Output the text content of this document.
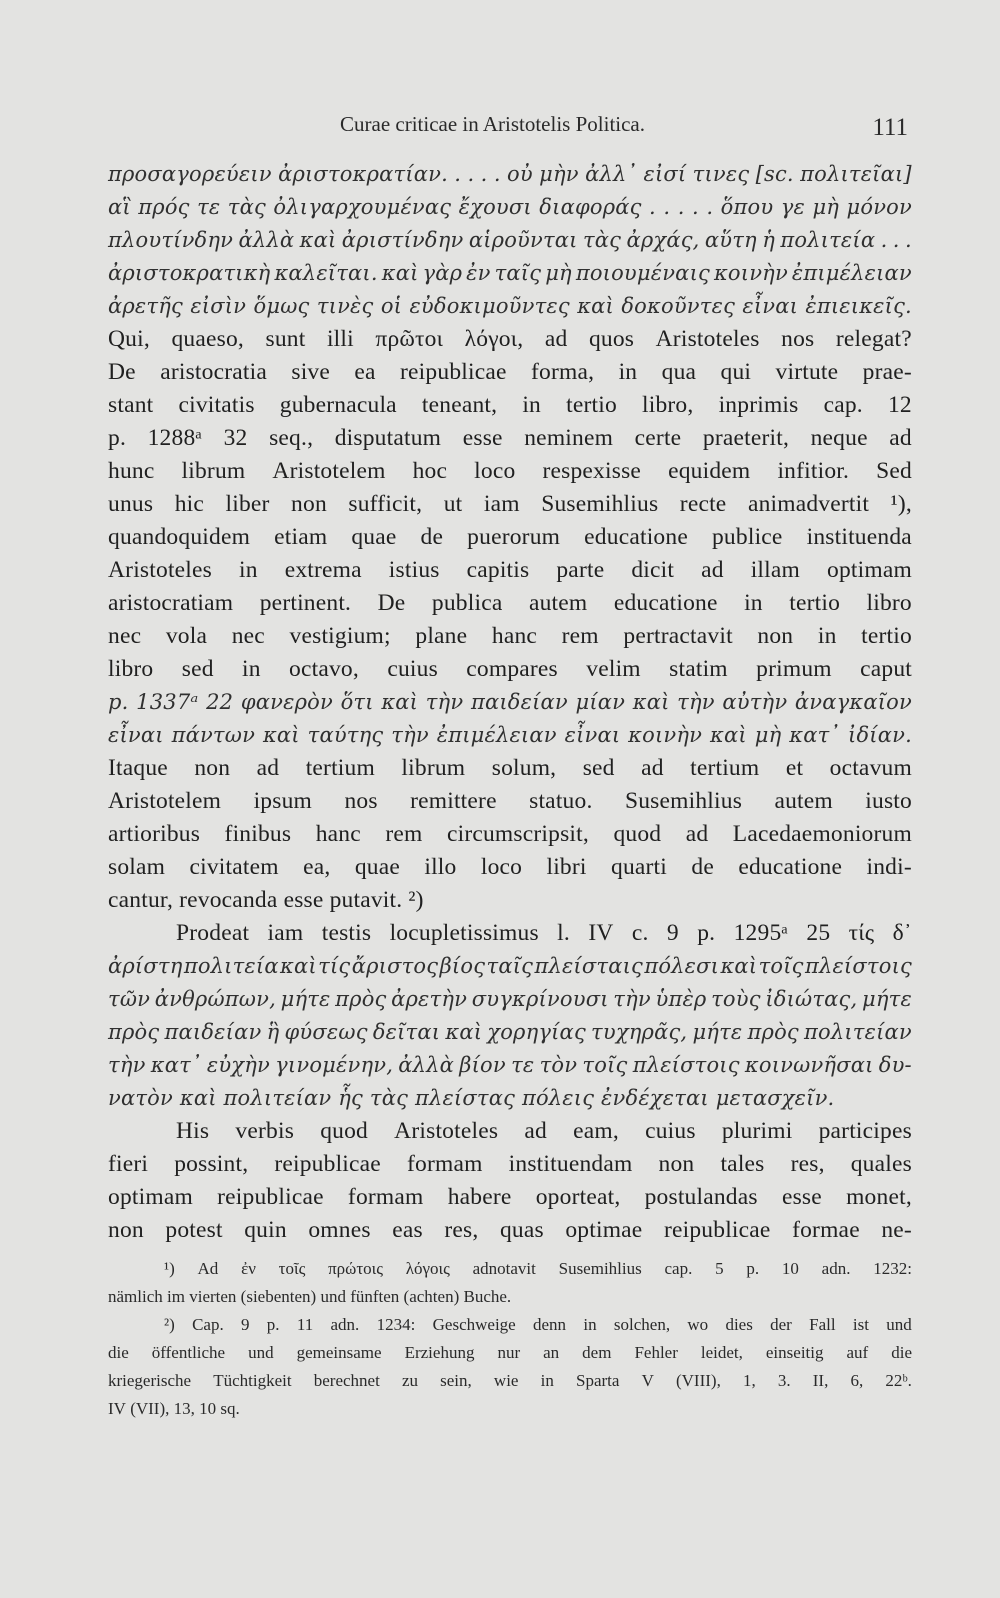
Curae criticae in Aristotelis Politica.	111
προσαγορεύειν ἀριστοκρατίαν. . . . . οὐ μὴν ἀλλ᾿ εἰσί τινες [sc. πολιτεῖαι]
αἳ πρός τε τὰς ὀλιγαρχουμένας ἔχουσι διαφοράς . . . . . ὅπου γε μὴ μόνον
πλουτίνδην ἀλλὰ καὶ ἀριστίνδην αἱροῦνται τὰς ἀρχάς, αὕτη ἡ πολιτεία . . .
ἀριστοκρατικὴ καλεῖται. καὶ γὰρ ἐν ταῖς μὴ ποιουμέναις κοινὴν ἐπιμέλειαν
ἀρετῆς εἰσὶν ὅμως τινὲς οἱ εὐδοκιμοῦντες καὶ δοκοῦντες εἶναι ἐπιεικεῖς.
Qui, quaeso, sunt illi πρῶτοι λόγοι, ad quos Aristoteles nos relegat?
De aristocratia sive ea reipublicae forma, in qua qui virtute prae-
stant civitatis gubernacula teneant, in tertio libro, inprimis cap. 12
p. 1288ᵃ 32 seq., disputatum esse neminem certe praeterit, neque ad
hunc librum Aristotelem hoc loco respexisse equidem infitior. Sed
unus hic liber non sufficit, ut iam Susemihlius recte animadvertit ¹),
quandoquidem etiam quae de puerorum educatione publice instituenda
Aristoteles in extrema istius capitis parte dicit ad illam optimam
aristocratiam pertinent. De publica autem educatione in tertio libro
nec vola nec vestigium; plane hanc rem pertractavit non in tertio
libro sed in octavo, cuius compares velim statim primum caput
p. 1337ᵃ 22 φανερὸν ὅτι καὶ τὴν παιδείαν μίαν καὶ τὴν αὐτὴν ἀναγκαῖον
εἶναι πάντων καὶ ταύτης τὴν ἐπιμέλειαν εἶναι κοινὴν καὶ μὴ κατ᾿ ἰδίαν.
Itaque non ad tertium librum solum, sed ad tertium et octavum
Aristotelem ipsum nos remittere statuo. Susemihlius autem iusto
artioribus finibus hanc rem circumscripsit, quod ad Lacedaemoniorum
solam civitatem ea, quae illo loco libri quarti de educatione indi-
cantur, revocanda esse putavit. ²)
Prodeat iam testis locupletissimus l. IV c. 9 p. 1295ᵃ 25 τίς δ᾿
ἀρίστη πολιτεία καὶ τίς ἄριστος βίος ταῖς πλείσταις πόλεσι καὶ τοῖς πλείστοις
τῶν ἀνθρώπων, μήτε πρὸς ἀρετὴν συγκρίνουσι τὴν ὑπὲρ τοὺς ἰδιώτας, μήτε
πρὸς παιδείαν ἣ φύσεως δεῖται καὶ χορηγίας τυχηρᾶς, μήτε πρὸς πολιτείαν
τὴν κατ᾿ εὐχὴν γινομένην, ἀλλὰ βίον τε τὸν τοῖς πλείστοις κοινωνῆσαι δυ-
νατὸν καὶ πολιτείαν ἧς τὰς πλείστας πόλεις ἐνδέχεται μετασχεῖν.
His verbis quod Aristoteles ad eam, cuius plurimi participes
fieri possint, reipublicae formam instituendam non tales res, quales
optimam reipublicae formam habere oporteat, postulandas esse monet,
non potest quin omnes eas res, quas optimae reipublicae formae ne-
¹) Ad ἐν τοῖς πρώτοις λόγοις adnotavit Susemihlius cap. 5 p. 10 adn. 1232:
nämlich im vierten (siebenten) und fünften (achten) Buche.
²) Cap. 9 p. 11 adn. 1234: Geschweige denn in solchen, wo dies der Fall ist und
die öffentliche und gemeinsame Erziehung nur an dem Fehler leidet, einseitig auf die
kriegerische Tüchtigkeit berechnet zu sein, wie in Sparta V (VIII), 1, 3. II, 6, 22ᵇ.
IV (VII), 13, 10 sq.
